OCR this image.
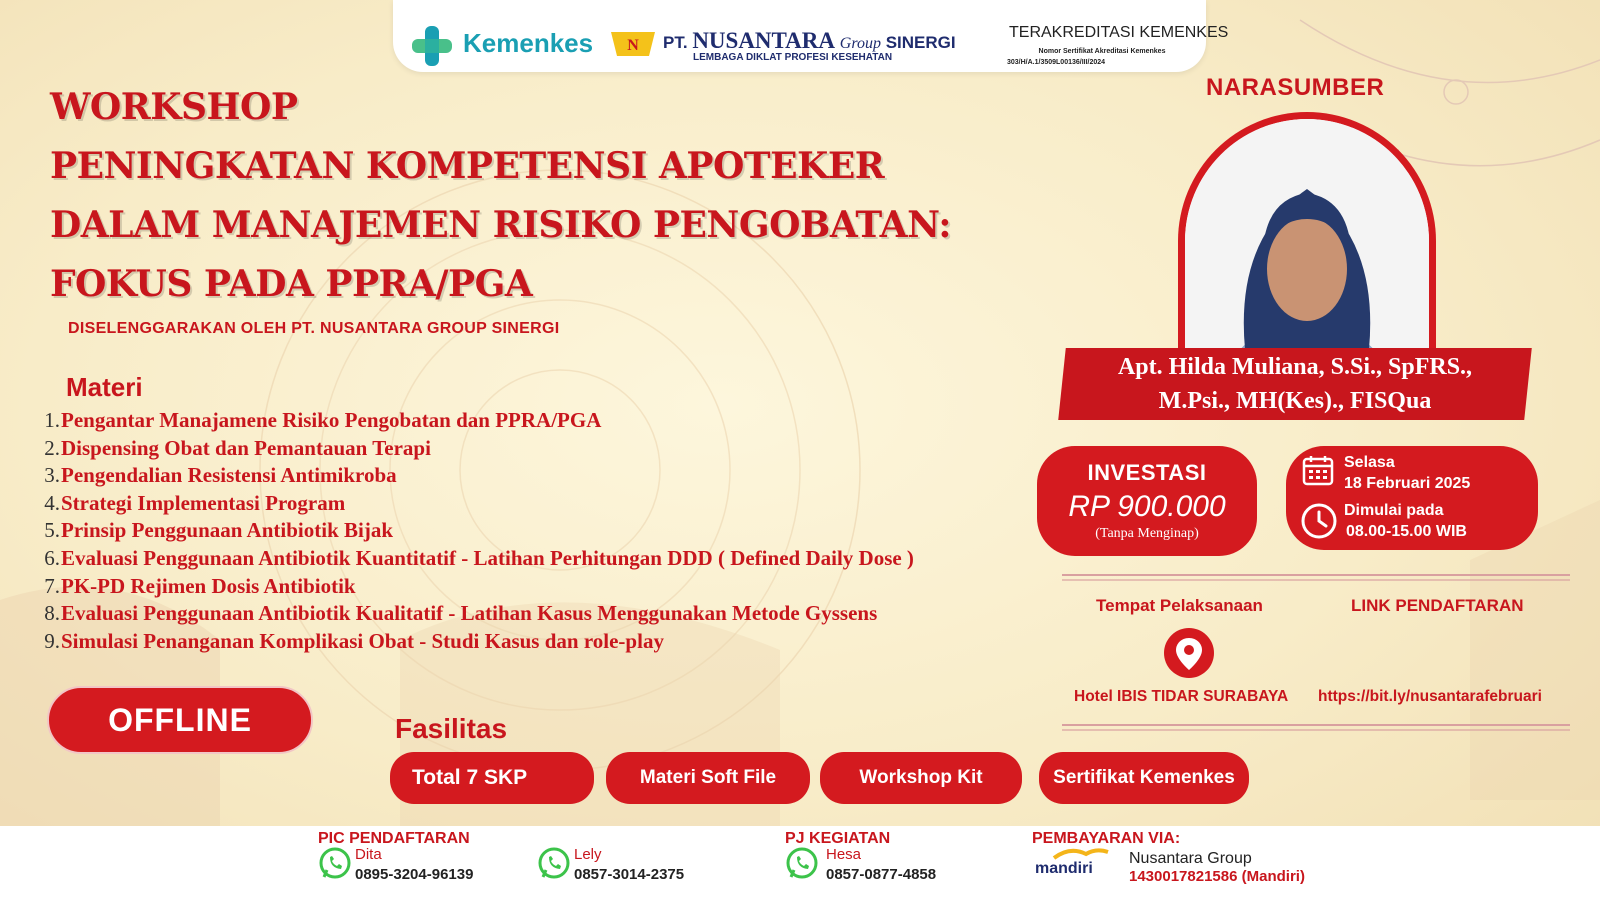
Kemenkes N PT. NUSANTARA Group SINERGI
LEMBAGA DIKLAT PROFESI KESEHATAN
TERAKREDITASI KEMENKES
Nomor Sertifikat Akreditasi Kemenkes
303/H/A.1/3509L00136/III/2024
WORKSHOP
PENINGKATAN KOMPETENSI APOTEKER
DALAM MANAJEMEN RISIKO PENGOBATAN:
FOKUS PADA PPRA/PGA
DISELENGGARAKAN OLEH PT. NUSANTARA GROUP SINERGI
Materi
1.Pengantar Manajamene Risiko Pengobatan dan PPRA/PGA
2.Dispensing Obat dan Pemantauan Terapi
3.Pengendalian Resistensi Antimikroba
4.Strategi Implementasi Program
5.Prinsip Penggunaan Antibiotik Bijak
6.Evaluasi Penggunaan Antibiotik Kuantitatif - Latihan Perhitungan DDD ( Defined Daily Dose )
7.PK-PD Rejimen Dosis Antibiotik
8.Evaluasi Penggunaan Antibiotik Kualitatif - Latihan Kasus Menggunakan Metode Gyssens
9.Simulasi Penanganan Komplikasi Obat - Studi Kasus dan role-play
OFFLINE	Fasilitas
Total 7 SKP	Materi Soft File	Workshop Kit	Sertifikat Kemenkes
NARASUMBER
Apt. Hilda Muliana, S.Si., SpFRS.,
M.Psi., MH(Kes)., FISQua
INVESTASI
RP 900.000
(Tanpa Menginap)
Selasa
18 Februari 2025
Dimulai pada
08.00-15.00 WIB
Tempat Pelaksanaan	LINK PENDAFTARAN
Hotel IBIS TIDAR SURABAYA https://bit.ly/nusantarafebruari
PIC PENDAFTARAN
Dita
0895-3204-96139
Lely
0857-3014-2375
PJ KEGIATAN
Hesa
0857-0877-4858
PEMBAYARAN VIA:
mandiri
Nusantara Group
1430017821586 (Mandiri)
